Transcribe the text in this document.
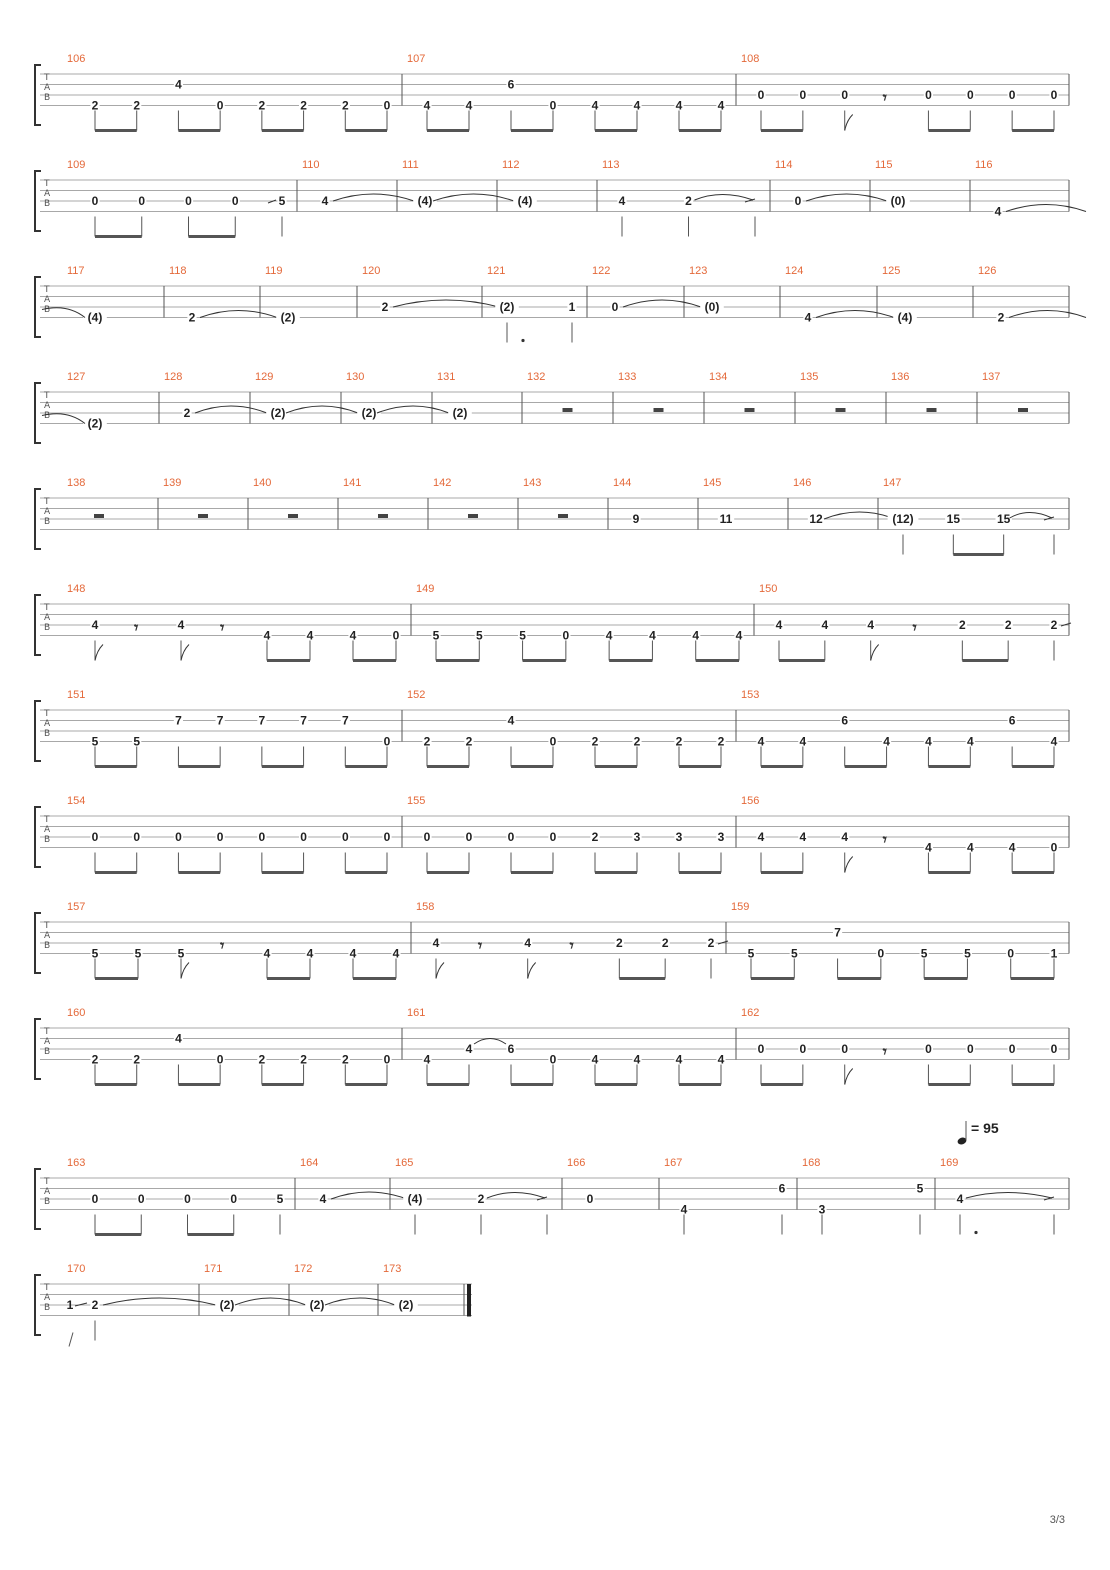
T
A
B
106
2	2
4
0	2	2	2	0
107
4	4
6
0	4	4	4	4
108
0	0	0 𝄾	0	0	0	0
T
A
B
109
0	0	0	0	5
110
4
111
(4)
112
(4)
113
4	2
114
0
115
(0)
116
4
T
A
B
117
(4)
118
2
119
(2)
120
2
121
(2)	1
122
0
123
(0)
124
4
125
(4)
126
2
T
A
B
127
(2)
128
2
129
(2)
130
(2)
131
(2)
132	133	134	135	136	137
T
A
B
138	139	140	141	142	143	144
9
145
11
146
12
147
(12)	15	15
T
A
B
148
4 𝄾	4 𝄾	4	4	4	0
149
5	5	5	0	4	4	4	4
150
4	4	4 𝄾	2	2	2
T
A
B
151
5	5
7	7	7	7	7
0
152
2	2
4
0	2	2	2	2
153
4	4
6
4	4	4
6
4
T
A
B
154
0	0	0	0	0	0	0	0
155
0	0	0	0	2	3	3	3
156
4	4	4 𝄾	4	4	4	0
T
A
B
157
5	5	5 𝄾	4	4	4	4
158
4 𝄾	4 𝄾	2	2	2
159
5	5
7
0	5	5	0	1
T
A
B
160
2	2
4
0	2	2	2	0
161
4
4	6
0	4	4	4	4
162
0	0	0 𝄾	0	0	0	0
T
A
B
163
0	0	0	0	5
164
4
165
(4)	2
166
0
167
4
6
168
3
5
169
4
T
A
B
170
2
1
171
(2)
172
(2)
173
(2)
= 95
3/3
